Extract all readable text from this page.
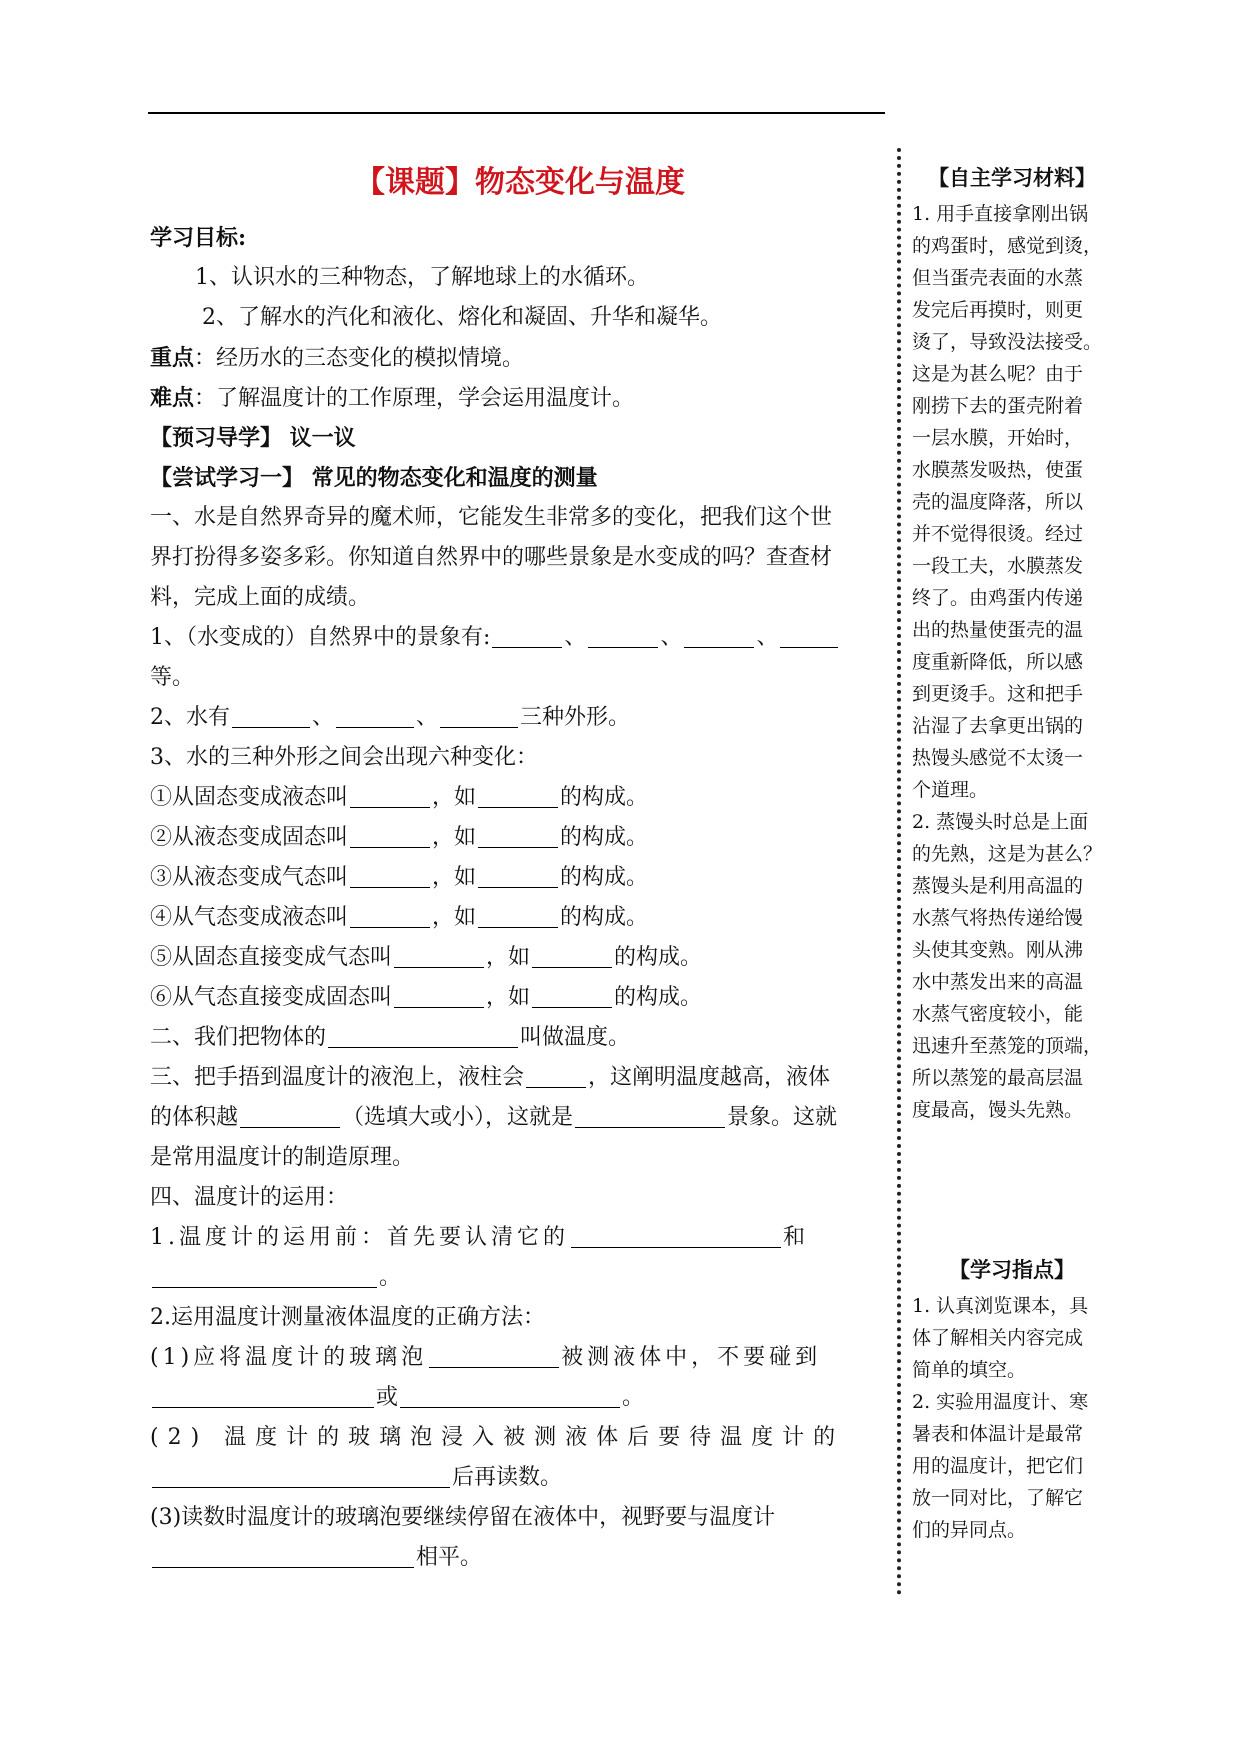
【课题】物态变化与温度
学习目标:
1、认识水的三种物态，了解地球上的水循环。
2、了解水的汽化和液化、熔化和凝固、升华和凝华。
重点：经历水的三态变化的模拟情境。
难点：了解温度计的工作原理，学会运用温度计。
【预习导学】 议一议
【尝试学习一】 常见的物态变化和温度的测量
一、水是自然界奇异的魔术师，它能发生非常多的变化，把我们这个世
界打扮得多姿多彩。你知道自然界中的哪些景象是水变成的吗？查查材
料，完成上面的成绩。
1、（水变成的）自然界中的景象有:	、	、	、
等。
2、水有	、	、	三种外形。
3、水的三种外形之间会出现六种变化：
①从固态变成液态叫	，如	的构成。
②从液态变成固态叫	，如	的构成。
③从液态变成气态叫	，如	的构成。
④从气态变成液态叫	，如	的构成。
⑤从固态直接变成气态叫	，如	的构成。
⑥从气态直接变成固态叫	，如	的构成。
二、我们把物体的	叫做温度。
三、把手捂到温度计的液泡上，液柱会	，这阐明温度越高，液体
的体积越	（选填大或小），这就是	景象。这就
是常用温度计的制造原理。
四、温度计的运用：
1.温度计的运用前：首先要认清它的	和
。
2.运用温度计测量液体温度的正确方法：
(1)应将温度计的玻璃泡	被测液体中，不要碰到
或	。
(2) 温度计的玻璃泡浸入被测液体后要待温度计的
后再读数。
(3)读数时温度计的玻璃泡要继续停留在液体中，视野要与温度计
相平。
【自主学习材料】
1. 用手直接拿刚出锅
的鸡蛋时，感觉到烫，
但当蛋壳表面的水蒸
发完后再摸时，则更
烫了，导致没法接受。
这是为甚么呢？由于
刚捞下去的蛋壳附着
一层水膜，开始时，
水膜蒸发吸热，使蛋
壳的温度降落，所以
并不觉得很烫。经过
一段工夫，水膜蒸发
终了。由鸡蛋内传递
出的热量使蛋壳的温
度重新降低，所以感
到更烫手。这和把手
沾湿了去拿更出锅的
热馒头感觉不太烫一
个道理。
2. 蒸馒头时总是上面
的先熟，这是为甚么？
蒸馒头是利用高温的
水蒸气将热传递给馒
头使其变熟。刚从沸
水中蒸发出来的高温
水蒸气密度较小，能
迅速升至蒸笼的顶端，
所以蒸笼的最高层温
度最高，馒头先熟。
【学习指点】
1. 认真浏览课本，具
体了解相关内容完成
简单的填空。
2. 实验用温度计、寒
暑表和体温计是最常
用的温度计，把它们
放一同对比，了解它
们的异同点。
